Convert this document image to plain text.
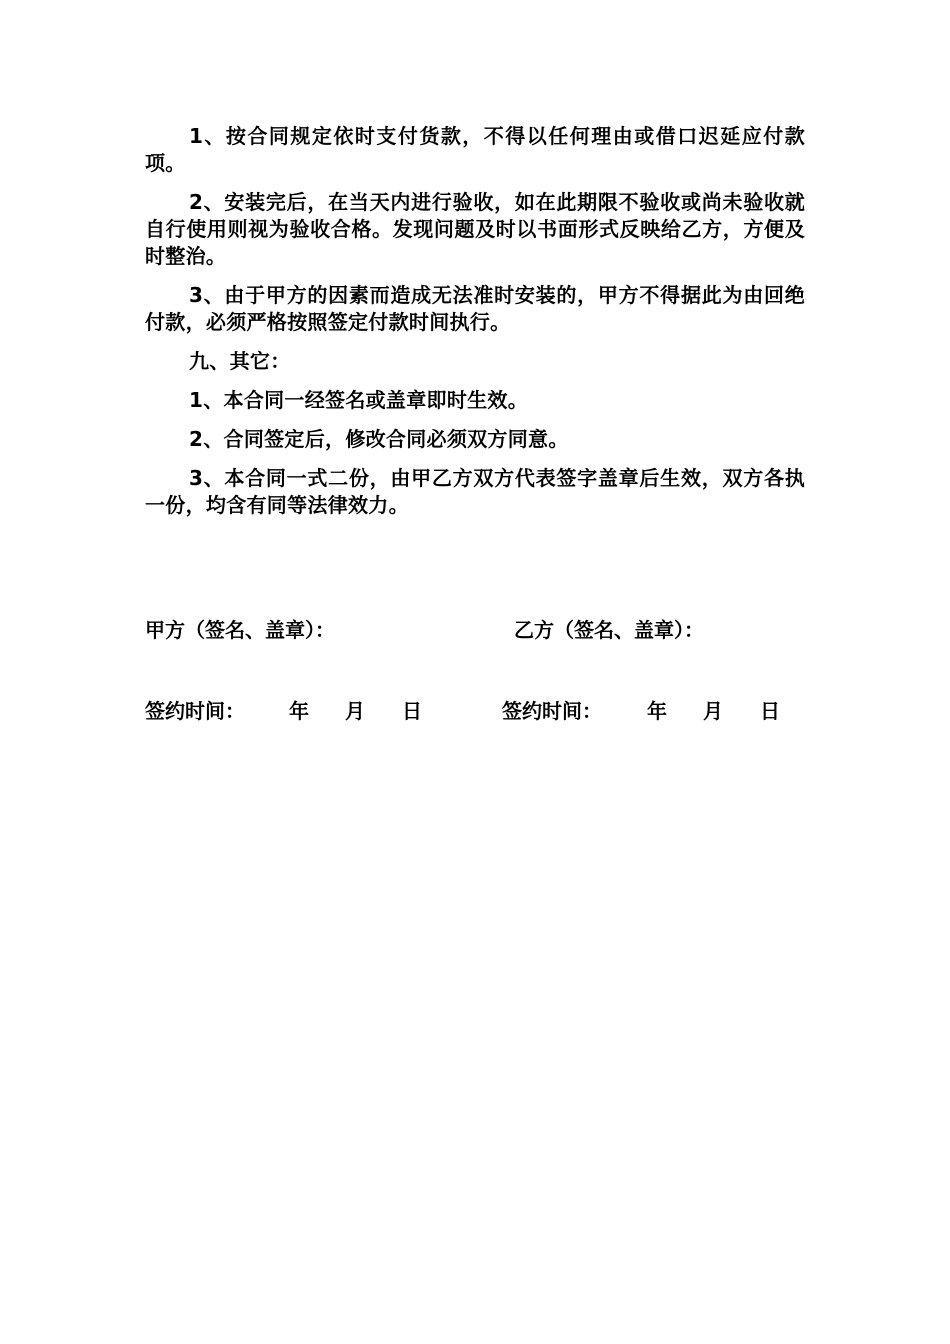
1、按合同规定依时支付货款，不得以任何理由或借口迟延应付款项。

2、安装完后，在当天内进行验收，如在此期限不验收或尚未验收就自行使用则视为验收合格。发现问题及时以书面形式反映给乙方，方便及时整治。

3、由于甲方的因素而造成无法准时安装的，甲方不得据此为由回绝付款，必须严格按照签定付款时间执行。

九、其它：

1、本合同一经签名或盖章即时生效。

2、合同签定后，修改合同必须双方同意。

3、本合同一式二份，由甲乙方双方代表签字盖章后生效，双方各执一份，均含有同等法律效力。

甲方（签名、盖章）：	乙方（签名、盖章）：
签约时间： 年 月 日	签约时间： 年 月 日
